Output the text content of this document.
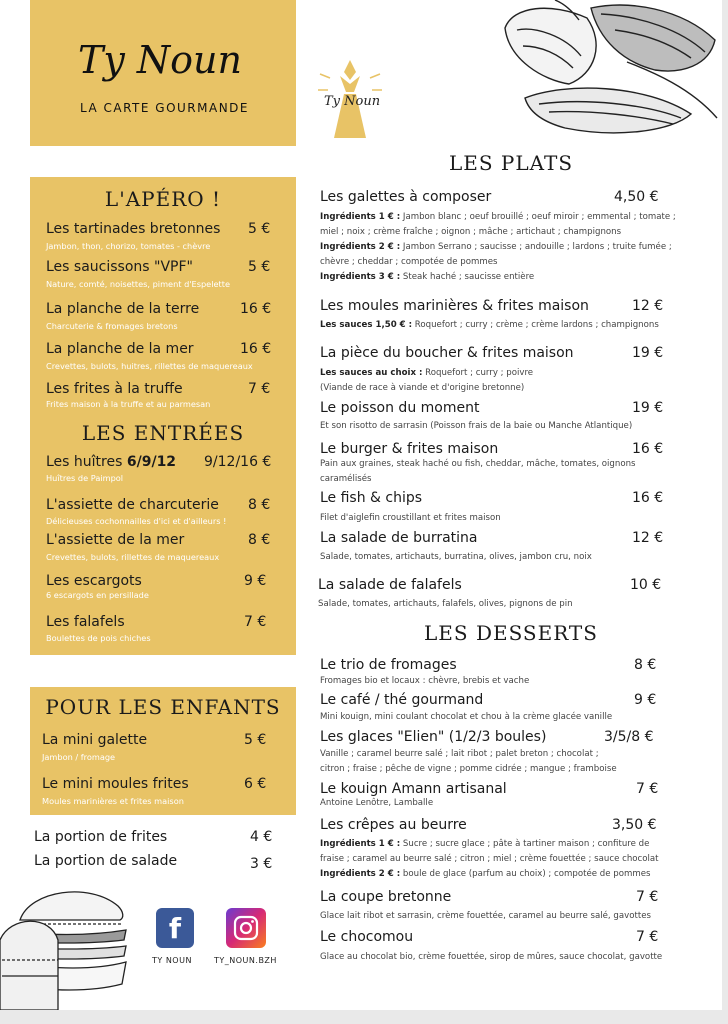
Ty Noun
LA CARTE GOURMANDE	Ty Noun
L'APÉRO !
Les tartinades bretonnes 5 €
Jambon, thon, chorizo, tomates - chèvre
Les saucissons "VPF"	5 €
Nature, comté, noisettes, piment d'Espelette
La planche de la terre	16 €
Charcuterie & fromages bretons
La planche de la mer	16 €
Crevettes, bulots, huitres, rillettes de maquereaux
Les frites à la truffe	7 €
Frites maison à la truffe et au parmesan
LES ENTRÉES
Les huîtres 6/9/12 9/12/16 €
Huîtres de Paimpol
L'assiette de charcuterie 8 €
Délicieuses cochonnailles d'ici et d'ailleurs !
L'assiette de la mer	8 €
Crevettes, bulots, rillettes de maquereaux
Les escargots	9 €
6 escargots en persillade
Les falafels	7 €
Boulettes de pois chiches
POUR LES ENFANTS
La mini galette	5 €
Jambon / fromage
Le mini moules frites	6 €
Moules marinières et frites maison
La portion de frites	4 €
La portion de salade	3 €
f
TY NOUN	TY_NOUN.BZH
LES PLATS
Les galettes à composer	4,50 €
Ingrédients 1 € : Jambon blanc ; oeuf brouillé ; oeuf miroir ; emmental ; tomate ;
miel ; noix ; crème fraîche ; oignon ; mâche ; artichaut ; champignons
Ingrédients 2 € : Jambon Serrano ; saucisse ; andouille ; lardons ; truite fumée ;
chèvre ; cheddar ; compotée de pommes
Ingrédients 3 € : Steak haché ; saucisse entière
Les moules marinières & frites maison	12 €
Les sauces 1,50 € : Roquefort ; curry ; crème ; crème lardons ; champignons
La pièce du boucher & frites maison	19 €
Les sauces au choix : Roquefort ; curry ; poivre
(Viande de race à viande et d'origine bretonne)
Le poisson du moment	19 €
Et son risotto de sarrasin (Poisson frais de la baie ou Manche Atlantique)
Le burger & frites maison	16 €
Pain aux graines, steak haché ou fish, cheddar, mâche, tomates, oignons
caramélisés
Le fish & chips	16 €
Filet d'aiglefin croustillant et frites maison
La salade de burratina	12 €
Salade, tomates, artichauts, burratina, olives, jambon cru, noix
La salade de falafels	10 €
Salade, tomates, artichauts, falafels, olives, pignons de pin
LES DESSERTS
Le trio de fromages	8 €
Fromages bio et locaux : chèvre, brebis et vache
Le café / thé gourmand	9 €
Mini kouign, mini coulant chocolat et chou à la crème glacée vanille
Les glaces "Elien" (1/2/3 boules)	3/5/8 €
Vanille ; caramel beurre salé ; lait ribot ; palet breton ; chocolat ;
citron ; fraise ; pêche de vigne ; pomme cidrée ; mangue ; framboise
Le kouign Amann artisanal	7 €
Antoine Lenôtre, Lamballe
Les crêpes au beurre	3,50 €
Ingrédients 1 € : Sucre ; sucre glace ; pâte à tartiner maison ; confiture de
fraise ; caramel au beurre salé ; citron ; miel ; crème fouettée ; sauce chocolat
Ingrédients 2 € : boule de glace (parfum au choix) ; compotée de pommes
La coupe bretonne	7 €
Glace lait ribot et sarrasin, crème fouettée, caramel au beurre salé, gavottes
Le chocomou	7 €
Glace au chocolat bio, crème fouettée, sirop de mûres, sauce chocolat, gavotte
